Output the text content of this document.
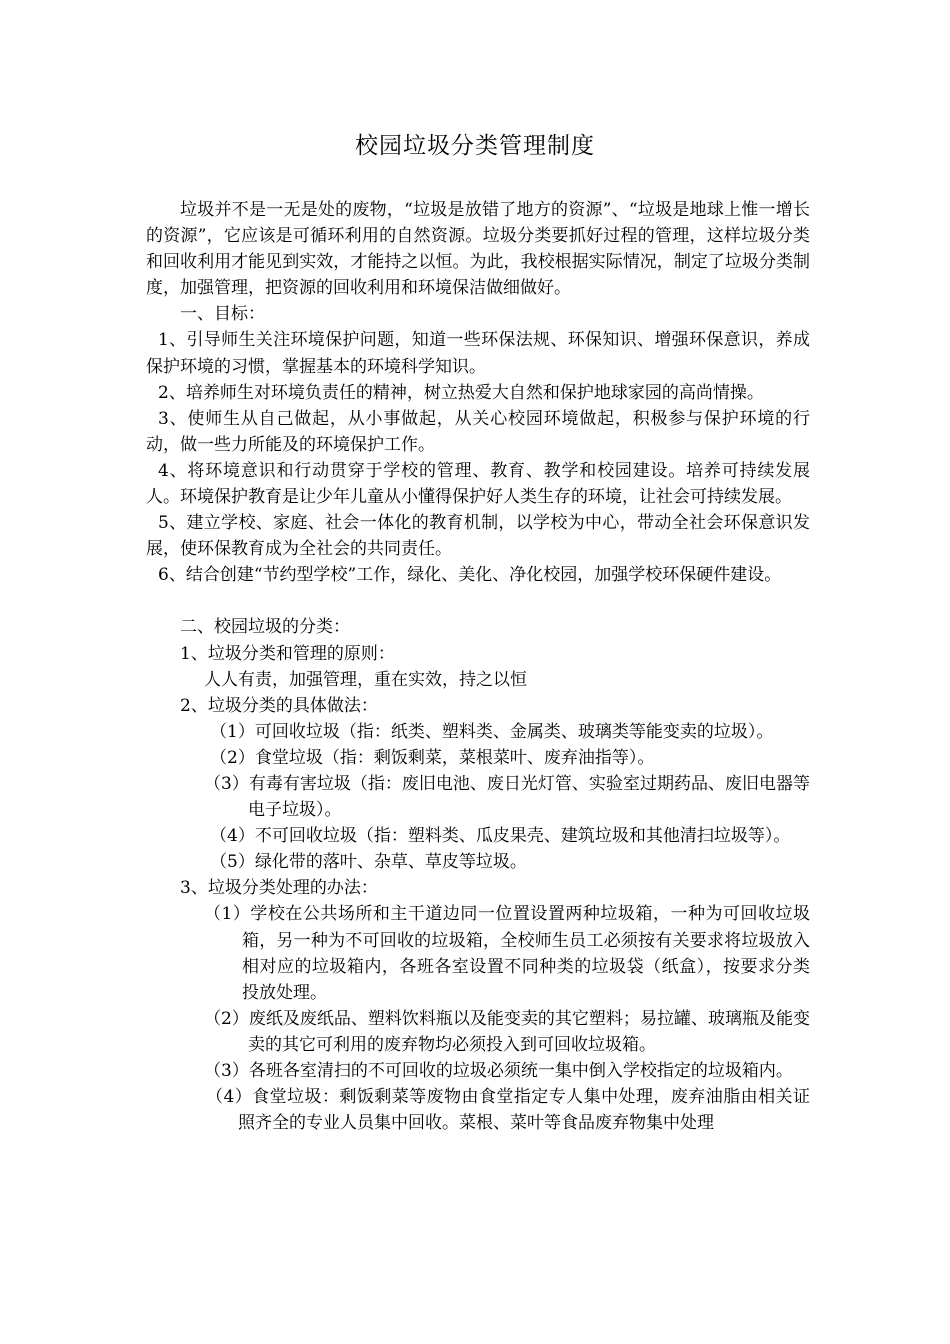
校园垃圾分类管理制度

垃圾并不是一无是处的废物，“垃圾是放错了地方的资源”、“垃圾是地球上惟一增长的资源”，它应该是可循环利用的自然资源。垃圾分类要抓好过程的管理，这样垃圾分类和回收利用才能见到实效，才能持之以恒。为此，我校根据实际情况，制定了垃圾分类制度，加强管理，把资源的回收利用和环境保洁做细做好。

一、目标：

1、引导师生关注环境保护问题，知道一些环保法规、环保知识、增强环保意识，养成保护环境的习惯，掌握基本的环境科学知识。

2、培养师生对环境负责任的精神，树立热爱大自然和保护地球家园的高尚情操。

3、使师生从自己做起，从小事做起，从关心校园环境做起，积极参与保护环境的行动，做一些力所能及的环境保护工作。

4、将环境意识和行动贯穿于学校的管理、教育、教学和校园建设。培养可持续发展人。环境保护教育是让少年儿童从小懂得保护好人类生存的环境，让社会可持续发展。

5、建立学校、家庭、社会一体化的教育机制，以学校为中心，带动全社会环保意识发展，使环保教育成为全社会的共同责任。

6、结合创建“节约型学校”工作，绿化、美化、净化校园，加强学校环保硬件建设。

二、校园垃圾的分类：

1、垃圾分类和管理的原则：

人人有责，加强管理，重在实效，持之以恒

2、垃圾分类的具体做法：

（1）可回收垃圾（指：纸类、塑料类、金属类、玻璃类等能变卖的垃圾）。

（2）食堂垃圾（指：剩饭剩菜，菜根菜叶、废弃油指等）。

（3）有毒有害垃圾（指：废旧电池、废日光灯管、实验室过期药品、废旧电器等电子垃圾）。

（4）不可回收垃圾（指：塑料类、瓜皮果壳、建筑垃圾和其他清扫垃圾等）。

（5）绿化带的落叶、杂草、草皮等垃圾。

3、垃圾分类处理的办法：

（1）学校在公共场所和主干道边同一位置设置两种垃圾箱，一种为可回收垃圾箱，另一种为不可回收的垃圾箱，全校师生员工必须按有关要求将垃圾放入相对应的垃圾箱内，各班各室设置不同种类的垃圾袋（纸盒），按要求分类投放处理。

（2）废纸及废纸品、塑料饮料瓶以及能变卖的其它塑料；易拉罐、玻璃瓶及能变卖的其它可利用的废弃物均必须投入到可回收垃圾箱。

（3）各班各室清扫的不可回收的垃圾必须统一集中倒入学校指定的垃圾箱内。

（4）食堂垃圾：剩饭剩菜等废物由食堂指定专人集中处理，废弃油脂由相关证照齐全的专业人员集中回收。菜根、菜叶等食品废弃物集中处理
